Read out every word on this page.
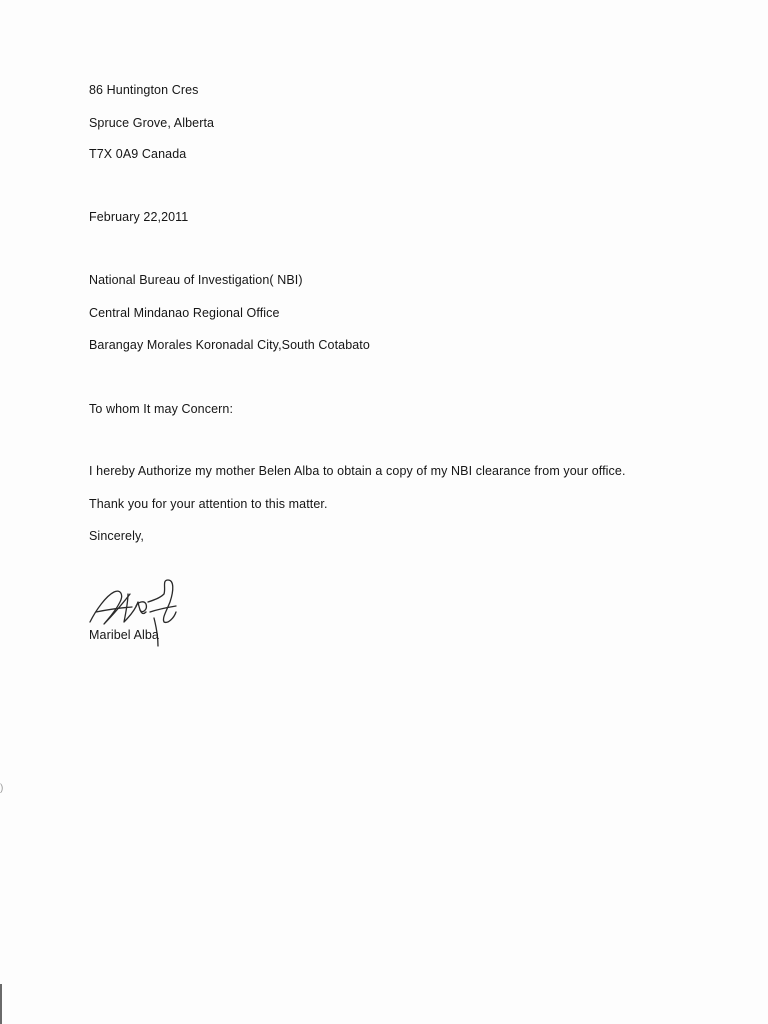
86 Huntington Cres
Spruce Grove, Alberta
T7X 0A9 Canada
February 22,2011
National Bureau of Investigation( NBI)
Central Mindanao Regional Office
Barangay Morales Koronadal City,South Cotabato
To whom It may Concern:
I hereby Authorize my mother Belen Alba to obtain a copy of my NBI clearance from your office.
Thank you for your attention to this matter.
Sincerely,
Maribel Alba
)
